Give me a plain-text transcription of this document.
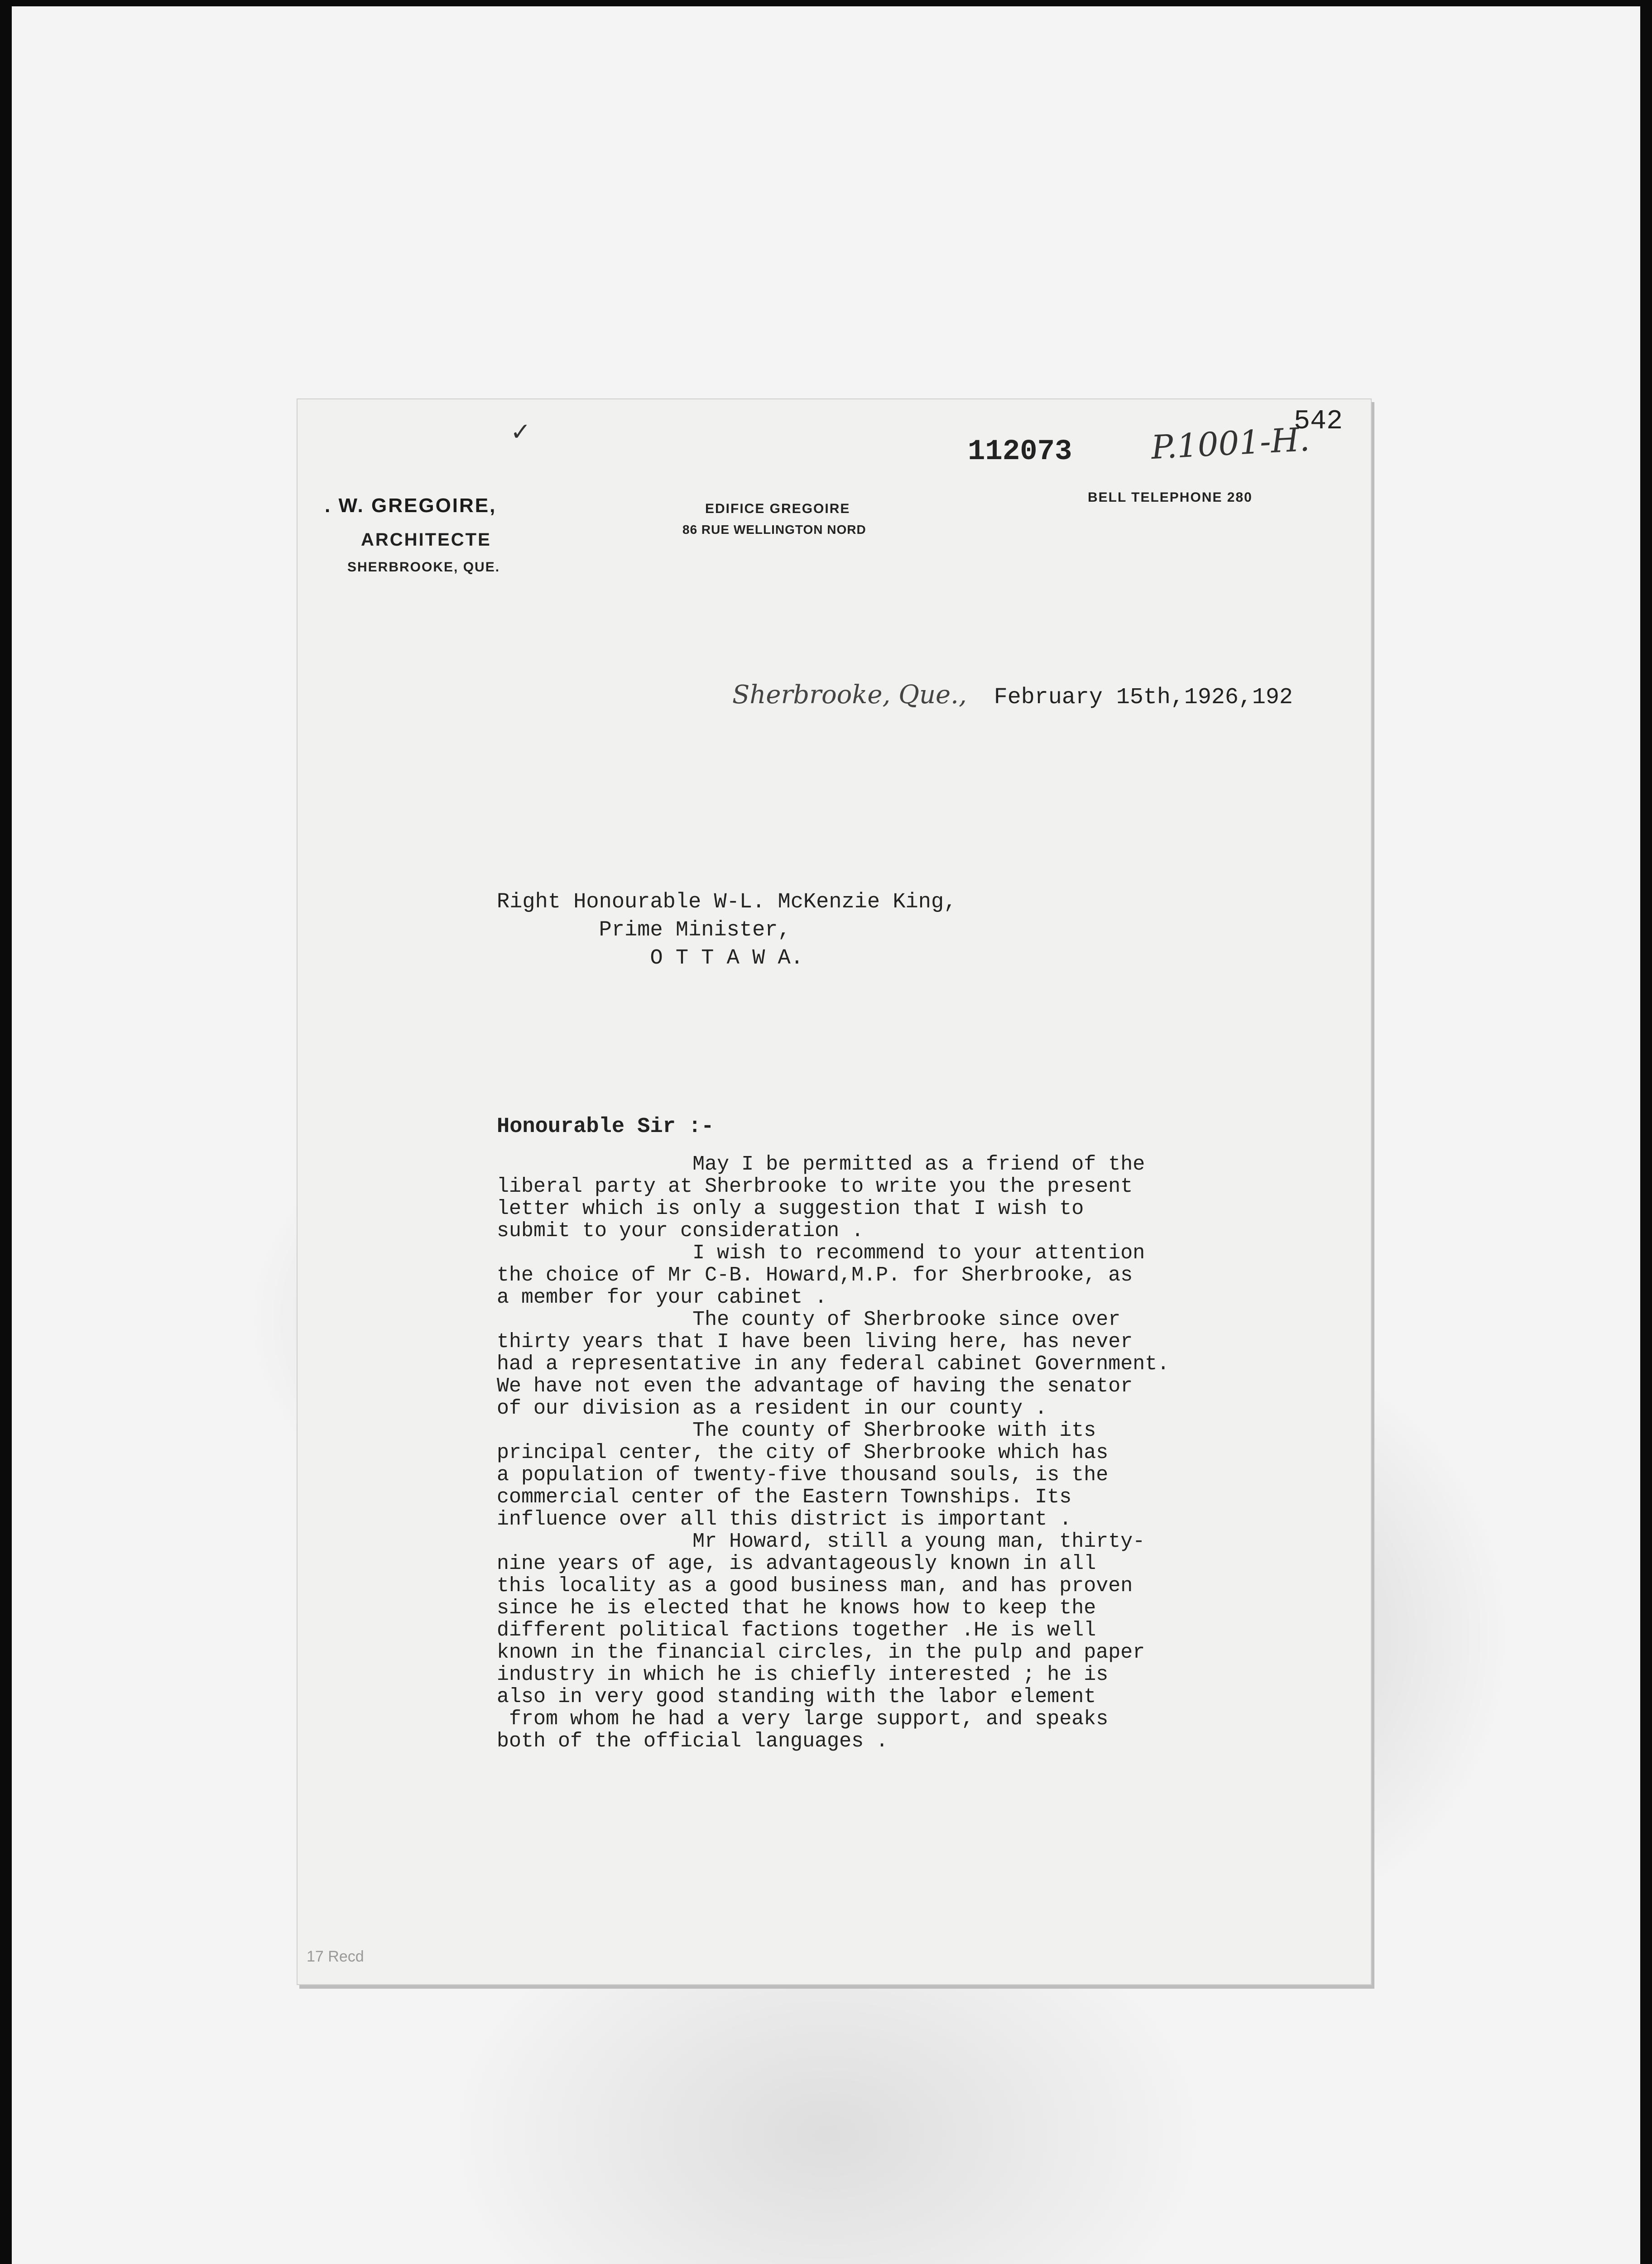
✓
112073 P.1001-H.
542
. W. GREGOIRE,
ARCHITECTE
SHERBROOKE, QUE.
EDIFICE GREGOIRE
86 RUE WELLINGTON NORD
BELL TELEPHONE 280
Sherbrooke, Que., February 15th,1926,192
Right Honourable W-L. McKenzie King,
Prime Minister,
O T T A W A.
Honourable Sir :-
May I be permitted as a friend of the
liberal party at Sherbrooke to write you the present
letter which is only a suggestion that I wish to
submit to your consideration .
I wish to recommend to your attention
the choice of Mr C-B. Howard,M.P. for Sherbrooke, as
a member for your cabinet .
The county of Sherbrooke since over
thirty years that I have been living here, has never
had a representative in any federal cabinet Government.
We have not even the advantage of having the senator
of our division as a resident in our county .
The county of Sherbrooke with its
principal center, the city of Sherbrooke which has
a population of twenty-five thousand souls, is the
commercial center of the Eastern Townships. Its
influence over all this district is important .
Mr Howard, still a young man, thirty-
nine years of age, is advantageously known in all
this locality as a good business man, and has proven
since he is elected that he knows how to keep the
different political factions together .He is well
known in the financial circles, in the pulp and paper
industry in which he is chiefly interested ; he is
also in very good standing with the labor element
from whom he had a very large support, and speaks
both of the official languages .
17 Recd
